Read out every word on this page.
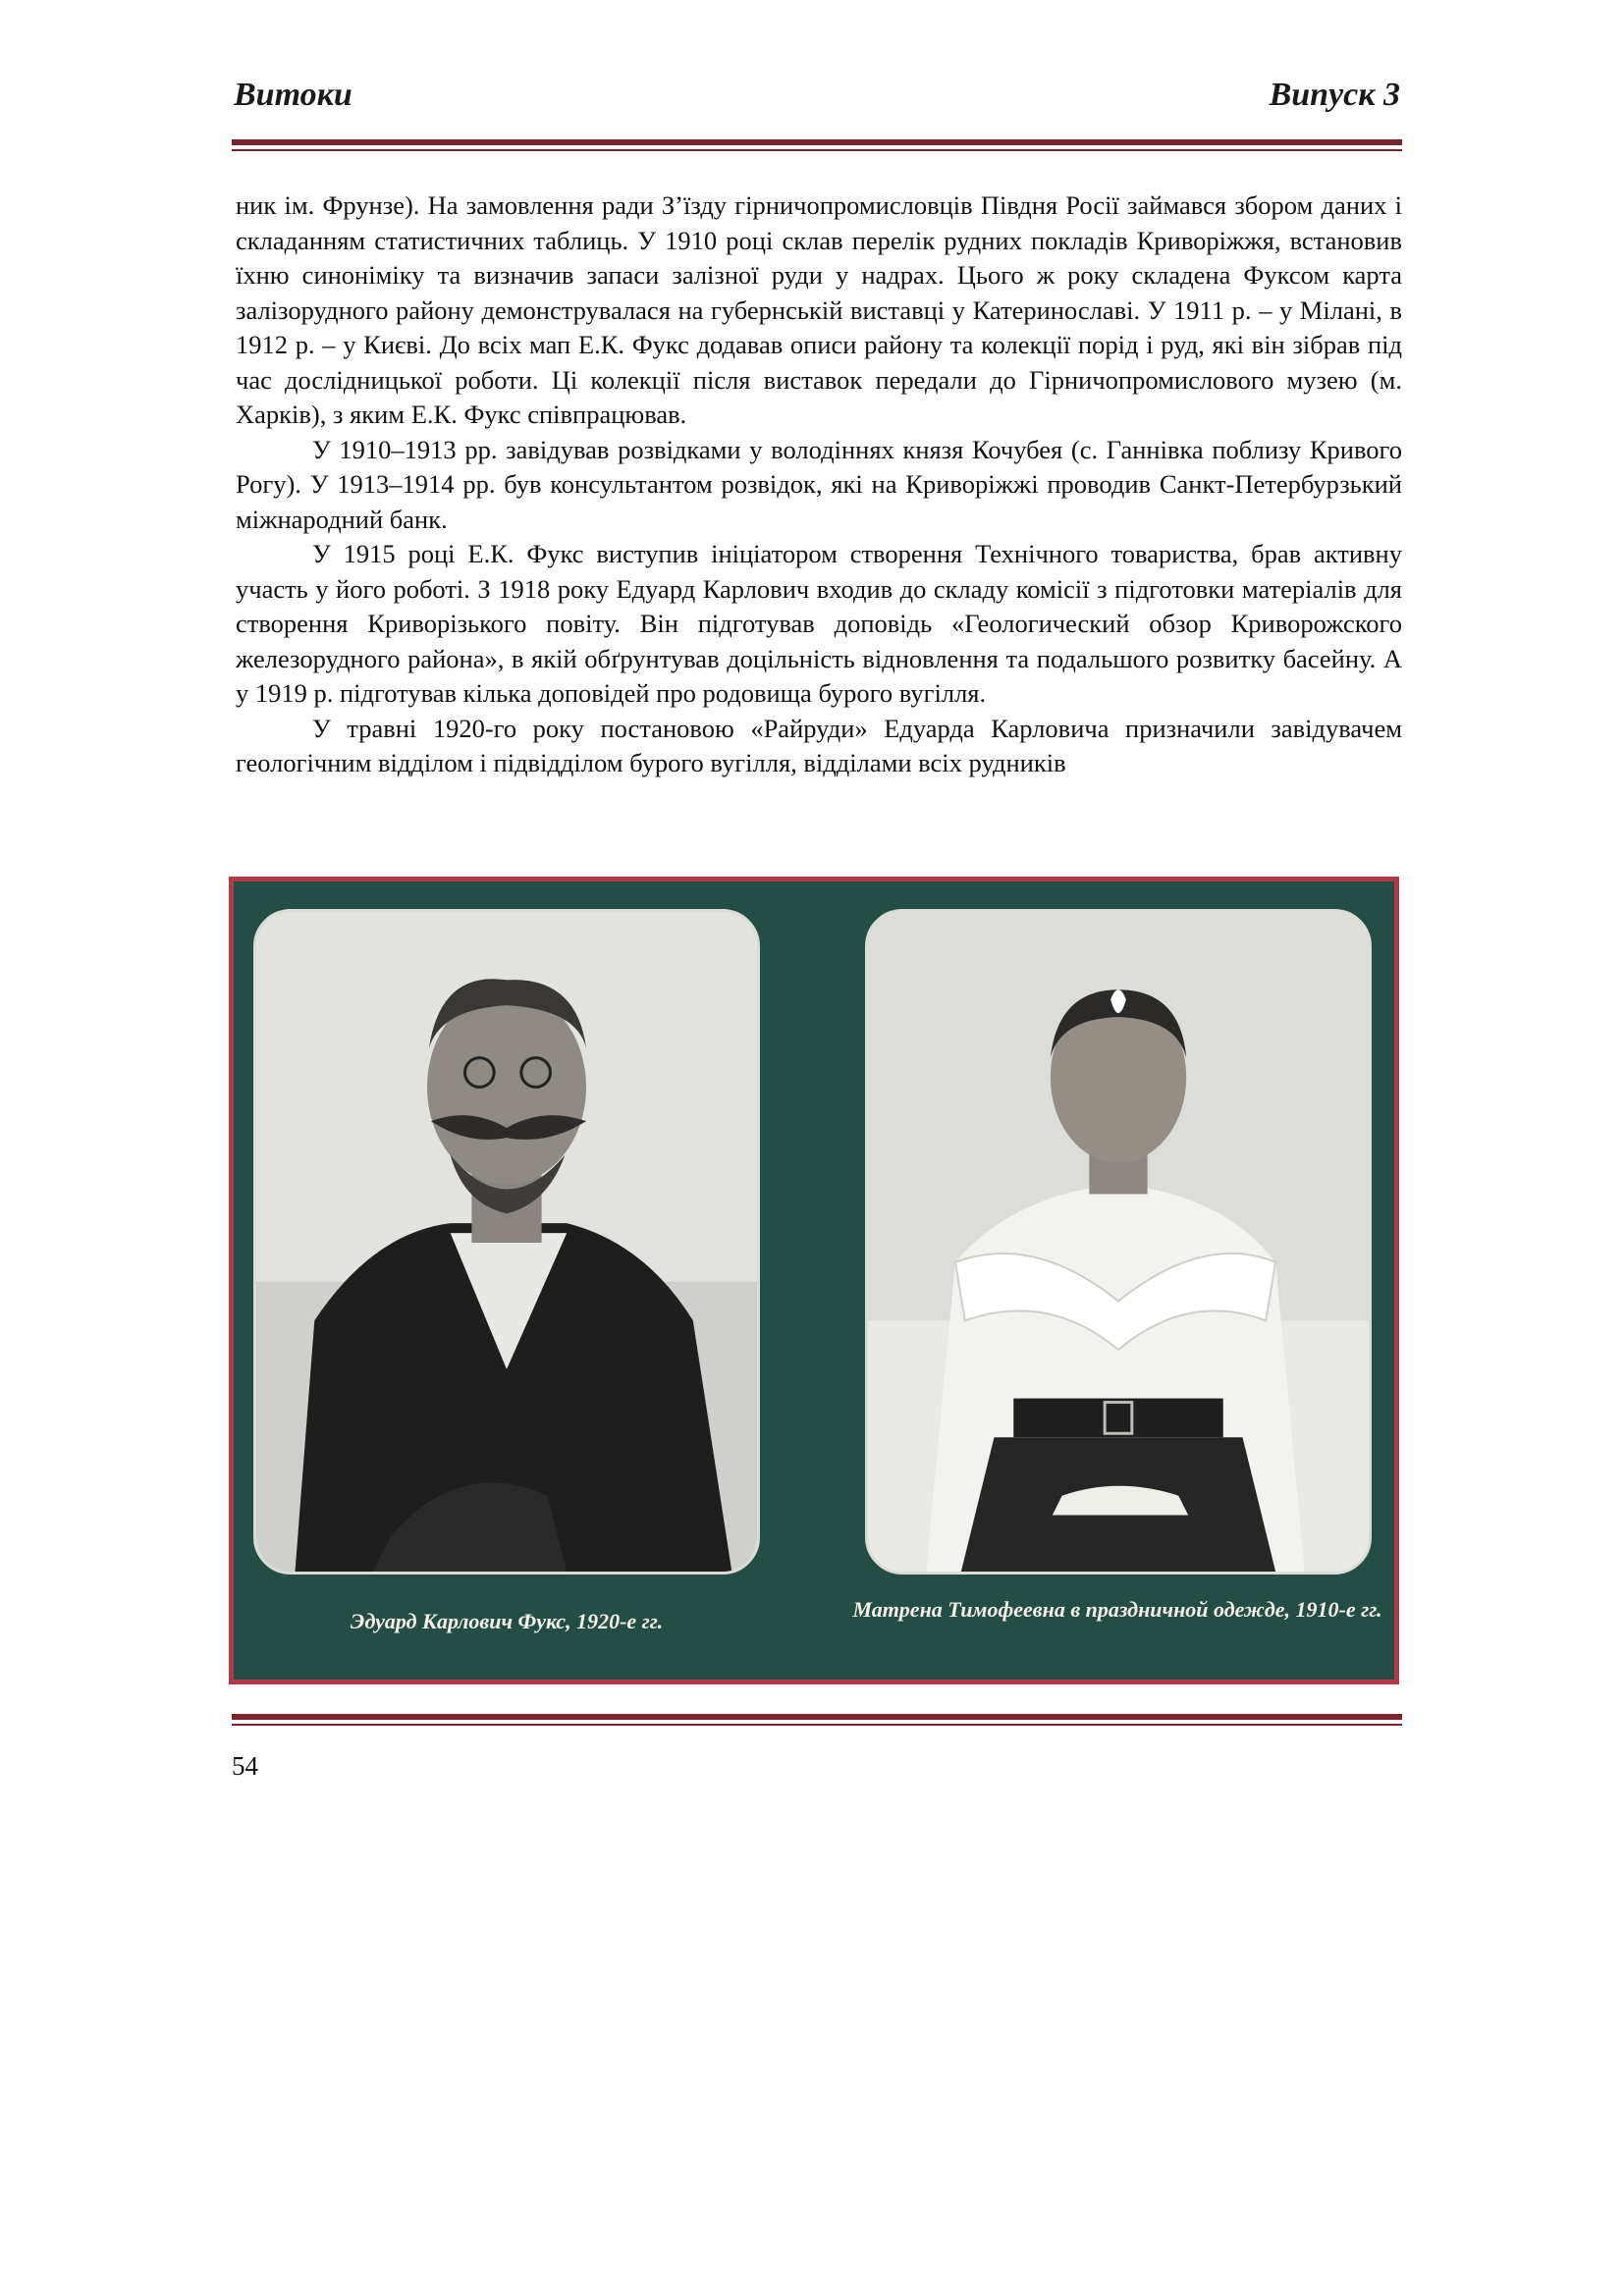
Витоки	Випуск 3

ник ім. Фрунзе). На замовлення ради З’їзду гірничопромисловців Півдня Росії займався збором даних і складанням статистичних таблиць. У 1910 році склав перелік рудних покладів Криворіжжя, встановив їхню синоніміку та визначив запаси залізної руди у надрах. Цього ж року складена Фуксом карта залізорудного району демонструвалася на губернській виставці у Катеринославі. У 1911 р. – у Мілані, в 1912 р. – у Києві. До всіх мап Е.К. Фукс додавав описи району та колекції порід і руд, які він зібрав під час дослідницької роботи. Ці колекції після виставок передали до Гірничопромислового музею (м. Харків), з яким Е.К. Фукс співпрацював.

У 1910–1913 рр. завідував розвідками у володіннях князя Кочубея (с. Ганнівка поблизу Кривого Рогу). У 1913–1914 рр. був консультантом розвідок, які на Криворіжжі проводив Санкт-Петербурзький міжнародний банк.

У 1915 році Е.К. Фукс виступив ініціатором створення Технічного товариства, брав активну участь у його роботі. З 1918 року Едуард Карлович входив до складу комісії з підготовки матеріалів для створення Криворізького повіту. Він підготував доповідь «Геологический обзор Криворожского железорудного района», в якій обґрунтував доцільність відновлення та подальшого розвитку басейну. А у 1919 р. підготував кілька доповідей про родовища бурого вугілля.

У травні 1920-го року постановою «Райруди» Едуарда Карловича призначили завідувачем геологічним відділом і підвідділом бурого вугілля, відділами всіх рудників

Эдуард Карлович Фукс, 1920-е гг.	Матрена Тимофеевна в праздничной одежде, 1910-е гг.
54
